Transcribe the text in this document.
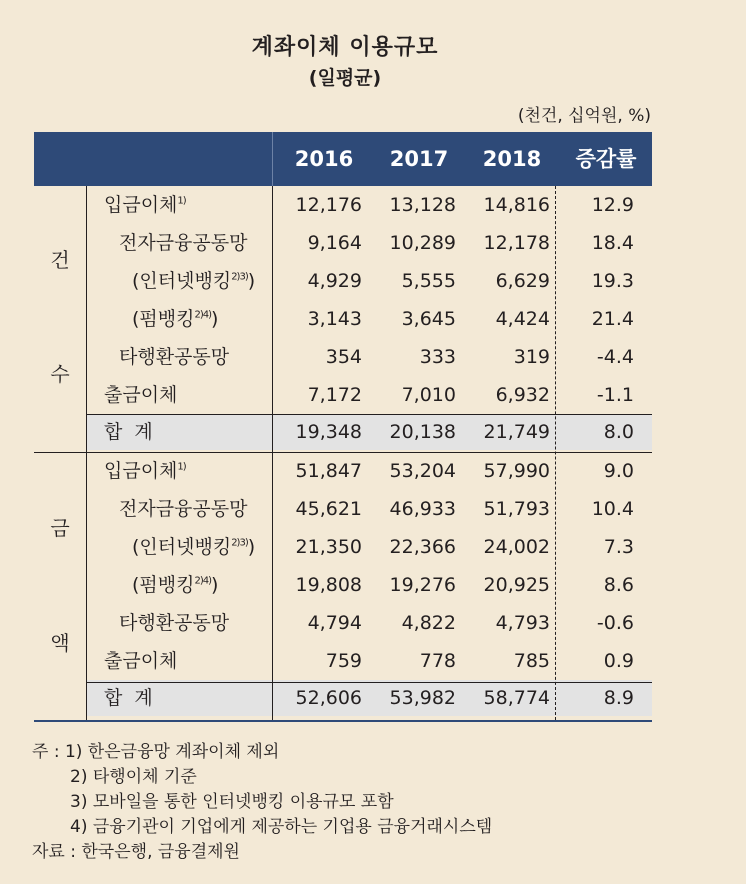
계좌이체 이용규모
(일평균)
(천건, 십억원, %)
2016	2017	2018	증감률
건
수
입금이체$^{1)}$	12,176	13,128	14,816	12.9
전자금융공동망	9,164	10,289	12,178	18.4
(인터넷뱅킹$^{2)3)}$)	4,929	5,555	6,629	19.3
(펌뱅킹$^{2)4)}$)	3,143	3,645	4,424	21.4
타행환공동망	354	333	319	-4.4
출금이체	7,172	7,010	6,932	-1.1
합  계	19,348	20,138	21,749	8.0
금
액
입금이체$^{1)}$	51,847	53,204	57,990	9.0
전자금융공동망	45,621	46,933	51,793	10.4
(인터넷뱅킹$^{2)3)}$)	21,350	22,366	24,002	7.3
(펌뱅킹$^{2)4)}$)	19,808	19,276	20,925	8.6
타행환공동망	4,794	4,822	4,793	-0.6
출금이체	759	778	785	0.9
합  계	52,606	53,982	58,774	8.9
주 : 1) 한은금융망 계좌이체 제외
2) 타행이체 기준
3) 모바일을 통한 인터넷뱅킹 이용규모 포함
4) 금융기관이 기업에게 제공하는 기업용 금융거래시스템
자료 : 한국은행, 금융결제원
